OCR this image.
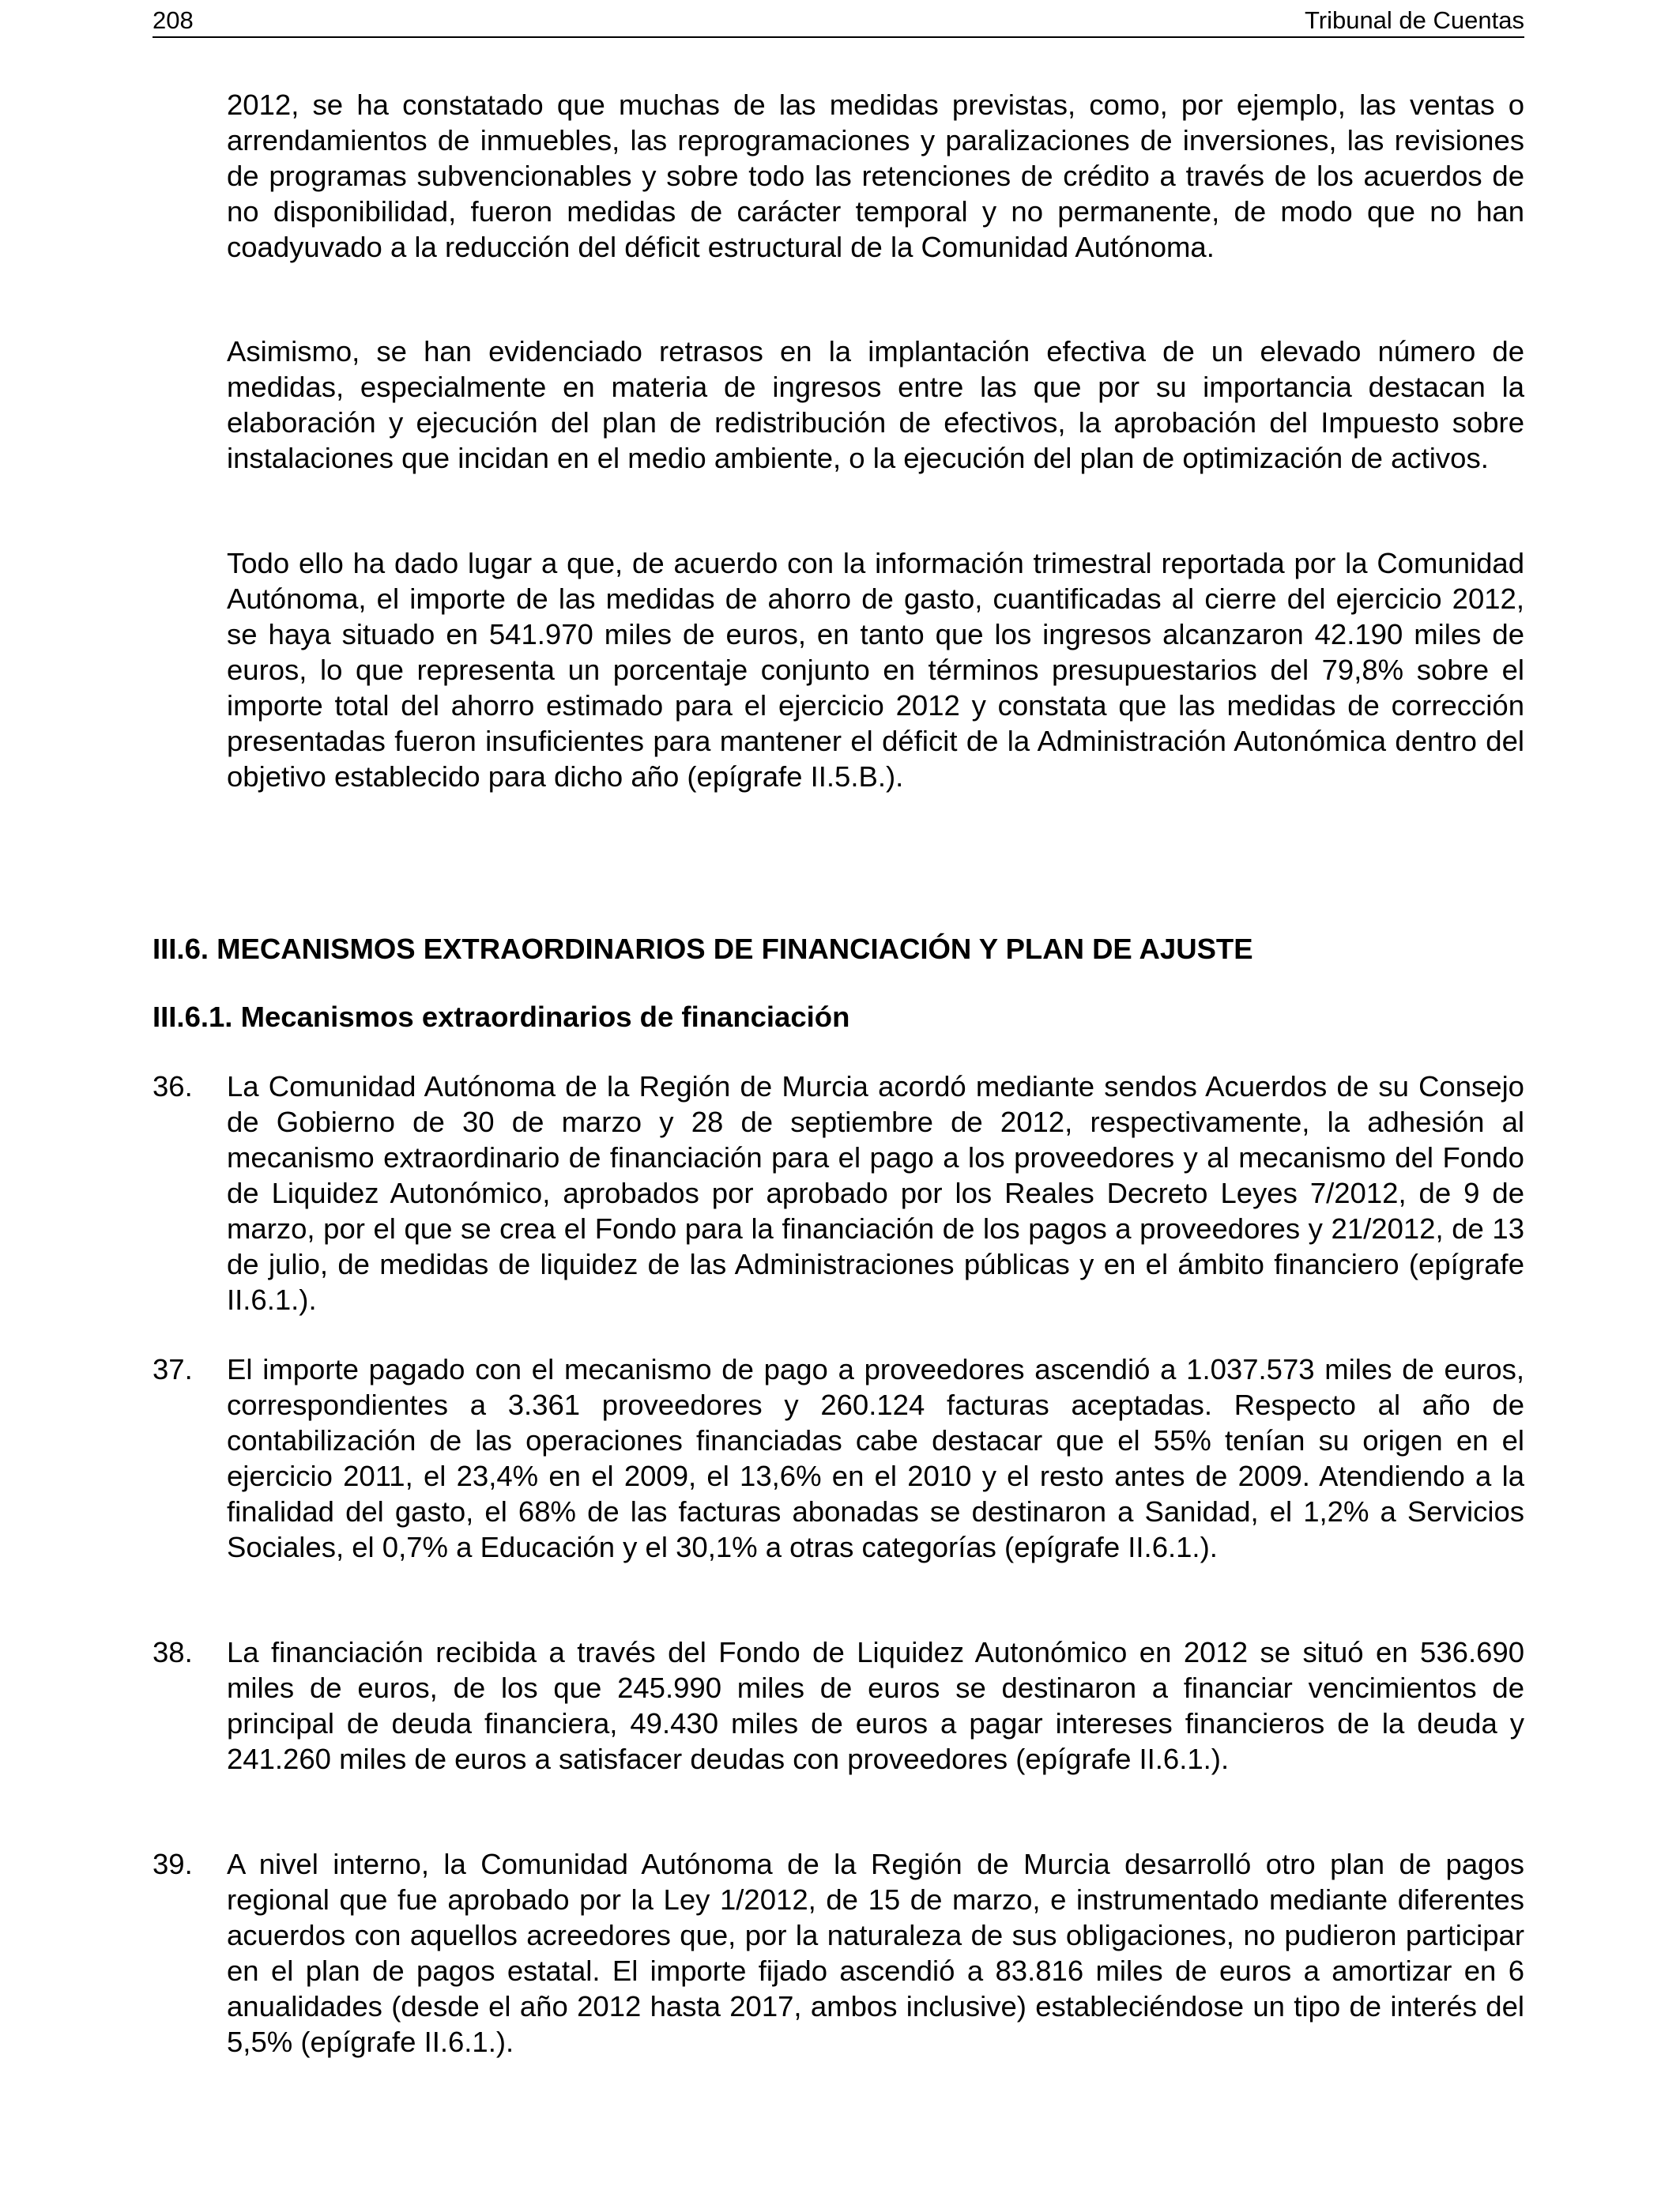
208	Tribunal de Cuentas

2012, se ha constatado que muchas de las medidas previstas, como, por ejemplo, las ventas o arrendamientos de inmuebles, las reprogramaciones y paralizaciones de inversiones, las revisiones de programas subvencionables y sobre todo las retenciones de crédito a través de los acuerdos de no disponibilidad, fueron medidas de carácter temporal y no permanente, de modo que no han coadyuvado a la reducción del déficit estructural de la Comunidad Autónoma.

Asimismo, se han evidenciado retrasos en la implantación efectiva de un elevado número de medidas, especialmente en materia de ingresos entre las que por su importancia destacan la elaboración y ejecución del plan de redistribución de efectivos, la aprobación del Impuesto sobre instalaciones que incidan en el medio ambiente, o la ejecución del plan de optimización de activos.

Todo ello ha dado lugar a que, de acuerdo con la información trimestral reportada por la Comunidad Autónoma, el importe de las medidas de ahorro de gasto, cuantificadas al cierre del ejercicio 2012, se haya situado en 541.970 miles de euros, en tanto que los ingresos alcanzaron 42.190 miles de euros, lo que representa un porcentaje conjunto en términos presupuestarios del 79,8% sobre el importe total del ahorro estimado para el ejercicio 2012 y constata que las medidas de corrección presentadas fueron insuficientes para mantener el déficit de la Administración Autonómica dentro del objetivo establecido para dicho año (epígrafe II.5.B.).

III.6. MECANISMOS EXTRAORDINARIOS DE FINANCIACIÓN Y PLAN DE AJUSTE
III.6.1. Mecanismos extraordinarios de financiación
36. La Comunidad Autónoma de la Región de Murcia acordó mediante sendos Acuerdos de su Consejo de Gobierno de 30 de marzo y 28 de septiembre de 2012, respectivamente, la adhesión al mecanismo extraordinario de financiación para el pago a los proveedores y al mecanismo del Fondo de Liquidez Autonómico, aprobados por aprobado por los Reales Decreto Leyes 7/2012, de 9 de marzo, por el que se crea el Fondo para la financiación de los pagos a proveedores y 21/2012, de 13 de julio, de medidas de liquidez de las Administraciones públicas y en el ámbito financiero (epígrafe II.6.1.).

37. El importe pagado con el mecanismo de pago a proveedores ascendió a 1.037.573 miles de euros, correspondientes a 3.361 proveedores y 260.124 facturas aceptadas. Respecto al año de contabilización de las operaciones financiadas cabe destacar que el 55% tenían su origen en el ejercicio 2011, el 23,4% en el 2009, el 13,6% en el 2010 y el resto antes de 2009. Atendiendo a la finalidad del gasto, el 68% de las facturas abonadas se destinaron a Sanidad, el 1,2% a Servicios Sociales, el 0,7% a Educación y el 30,1% a otras categorías (epígrafe II.6.1.).

38. La financiación recibida a través del Fondo de Liquidez Autonómico en 2012 se situó en 536.690 miles de euros, de los que 245.990 miles de euros se destinaron a financiar vencimientos de principal de deuda financiera, 49.430 miles de euros a pagar intereses financieros de la deuda y 241.260 miles de euros a satisfacer deudas con proveedores (epígrafe II.6.1.).

39. A nivel interno, la Comunidad Autónoma de la Región de Murcia desarrolló otro plan de pagos regional que fue aprobado por la Ley 1/2012, de 15 de marzo, e instrumentado mediante diferentes acuerdos con aquellos acreedores que, por la naturaleza de sus obligaciones, no pudieron participar en el plan de pagos estatal. El importe fijado ascendió a 83.816 miles de euros a amortizar en 6 anualidades (desde el año 2012 hasta 2017, ambos inclusive) estableciéndose un tipo de interés del 5,5% (epígrafe II.6.1.).
